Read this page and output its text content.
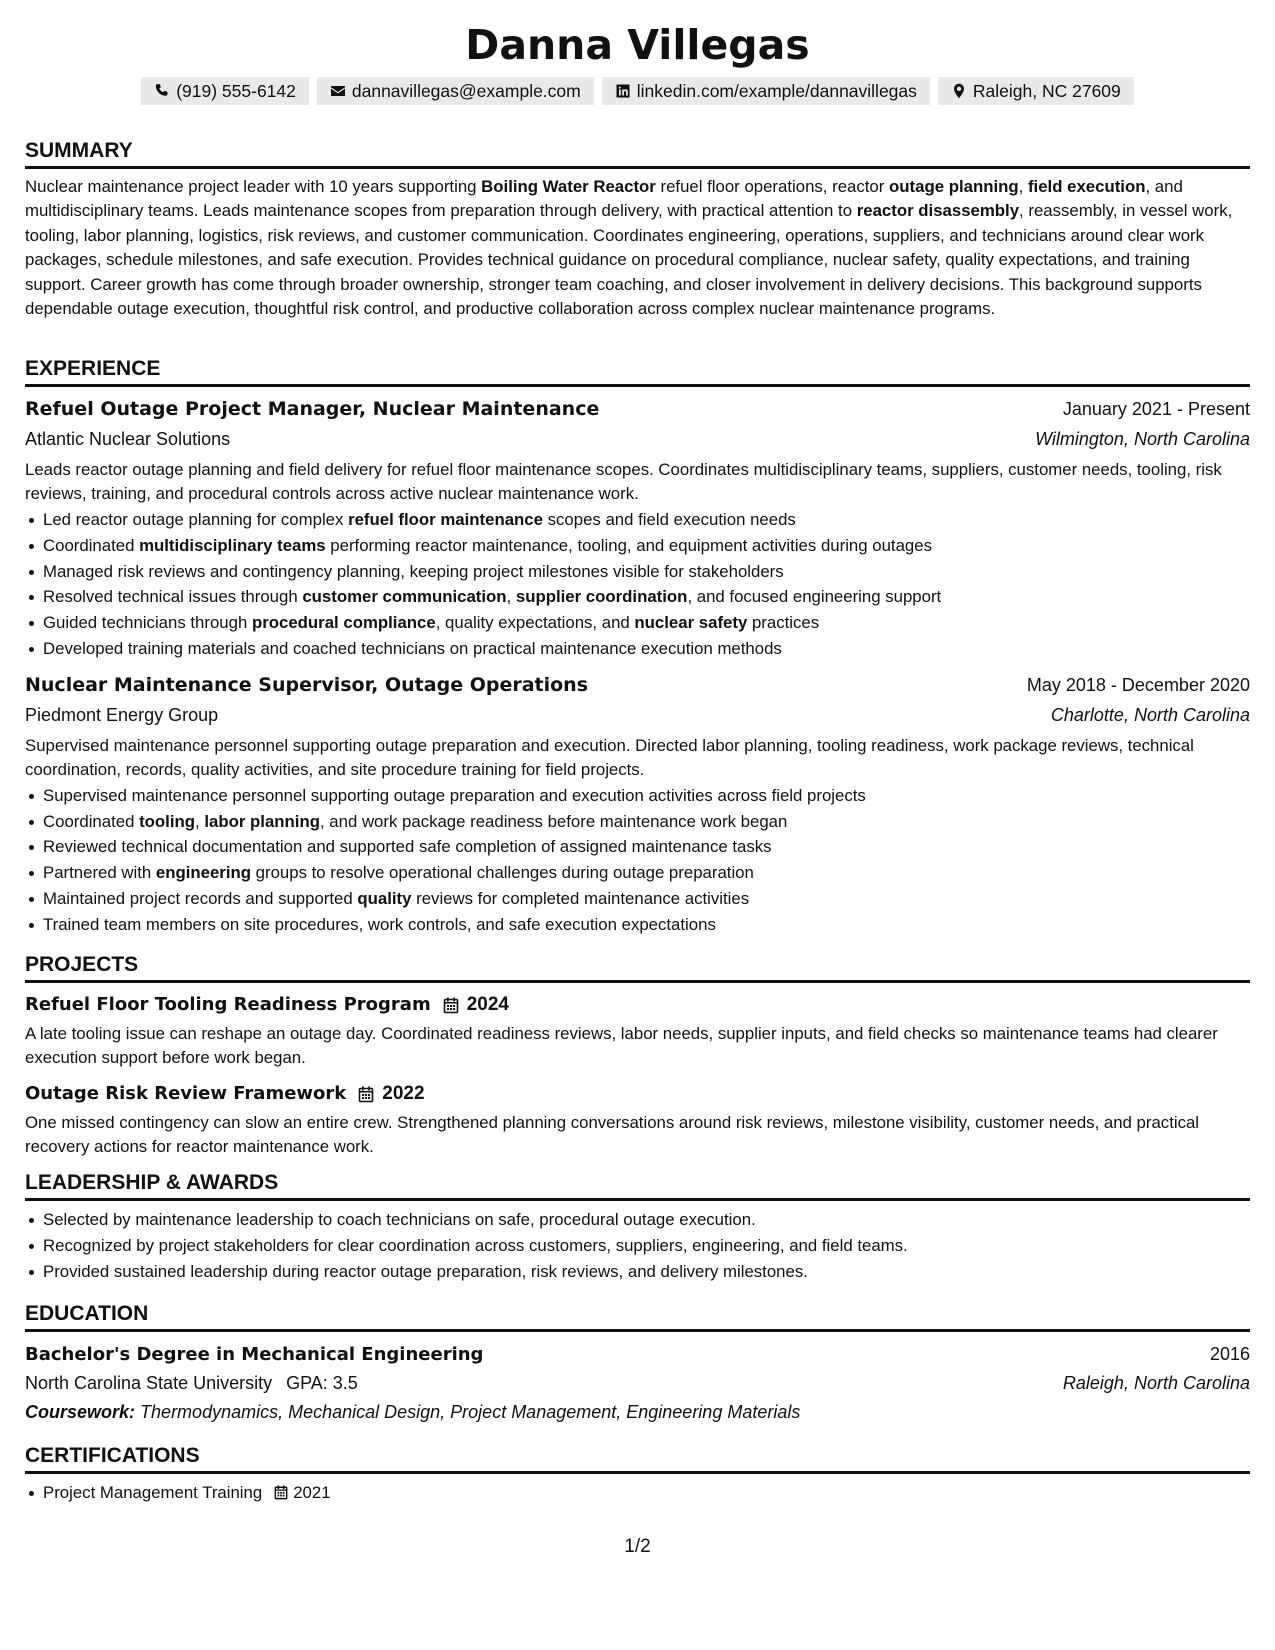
Danna Villegas
(919) 555-6142	dannavillegas@example.com	linkedin.com/example/dannavillegas	Raleigh, NC 27609
SUMMARY

Nuclear maintenance project leader with 10 years supporting Boiling Water Reactor refuel floor operations, reactor outage planning, field execution, and multidisciplinary teams. Leads maintenance scopes from preparation through delivery, with practical attention to reactor disassembly, reassembly, in vessel work, tooling, labor planning, logistics, risk reviews, and customer communication. Coordinates engineering, operations, suppliers, and technicians around clear work packages, schedule milestones, and safe execution. Provides technical guidance on procedural compliance, nuclear safety, quality expectations, and training support. Career growth has come through broader ownership, stronger team coaching, and closer involvement in delivery decisions. This background supports dependable outage execution, thoughtful risk control, and productive collaboration across complex nuclear maintenance programs.

EXPERIENCE
Refuel Outage Project Manager, Nuclear Maintenance	January 2021 - Present
Atlantic Nuclear Solutions	Wilmington, North Carolina
Leads reactor outage planning and field delivery for refuel floor maintenance scopes. Coordinates multidisciplinary teams, suppliers, customer needs, tooling, risk reviews, training, and procedural controls across active nuclear maintenance work.
Led reactor outage planning for complex refuel floor maintenance scopes and field execution needs
Coordinated multidisciplinary teams performing reactor maintenance, tooling, and equipment activities during outages
Managed risk reviews and contingency planning, keeping project milestones visible for stakeholders
Resolved technical issues through customer communication, supplier coordination, and focused engineering support
Guided technicians through procedural compliance, quality expectations, and nuclear safety practices
Developed training materials and coached technicians on practical maintenance execution methods
Nuclear Maintenance Supervisor, Outage Operations	May 2018 - December 2020
Piedmont Energy Group	Charlotte, North Carolina
Supervised maintenance personnel supporting outage preparation and execution. Directed labor planning, tooling readiness, work package reviews, technical coordination, records, quality activities, and site procedure training for field projects.
Supervised maintenance personnel supporting outage preparation and execution activities across field projects
Coordinated tooling, labor planning, and work package readiness before maintenance work began
Reviewed technical documentation and supported safe completion of assigned maintenance tasks
Partnered with engineering groups to resolve operational challenges during outage preparation
Maintained project records and supported quality reviews for completed maintenance activities
Trained team members on site procedures, work controls, and safe execution expectations
PROJECTS
Refuel Floor Tooling Readiness Program 2024
A late tooling issue can reshape an outage day. Coordinated readiness reviews, labor needs, supplier inputs, and field checks so maintenance teams had clearer execution support before work began.
Outage Risk Review Framework 2022
One missed contingency can slow an entire crew. Strengthened planning conversations around risk reviews, milestone visibility, customer needs, and practical recovery actions for reactor maintenance work.
LEADERSHIP & AWARDS
Selected by maintenance leadership to coach technicians on safe, procedural outage execution.
Recognized by project stakeholders for clear coordination across customers, suppliers, engineering, and field teams.
Provided sustained leadership during reactor outage preparation, risk reviews, and delivery milestones.
EDUCATION
Bachelor's Degree in Mechanical Engineering	2016
North Carolina State University GPA: 3.5	Raleigh, North Carolina
Coursework: Thermodynamics, Mechanical Design, Project Management, Engineering Materials
CERTIFICATIONS
Project Management Training 2021
1/2
